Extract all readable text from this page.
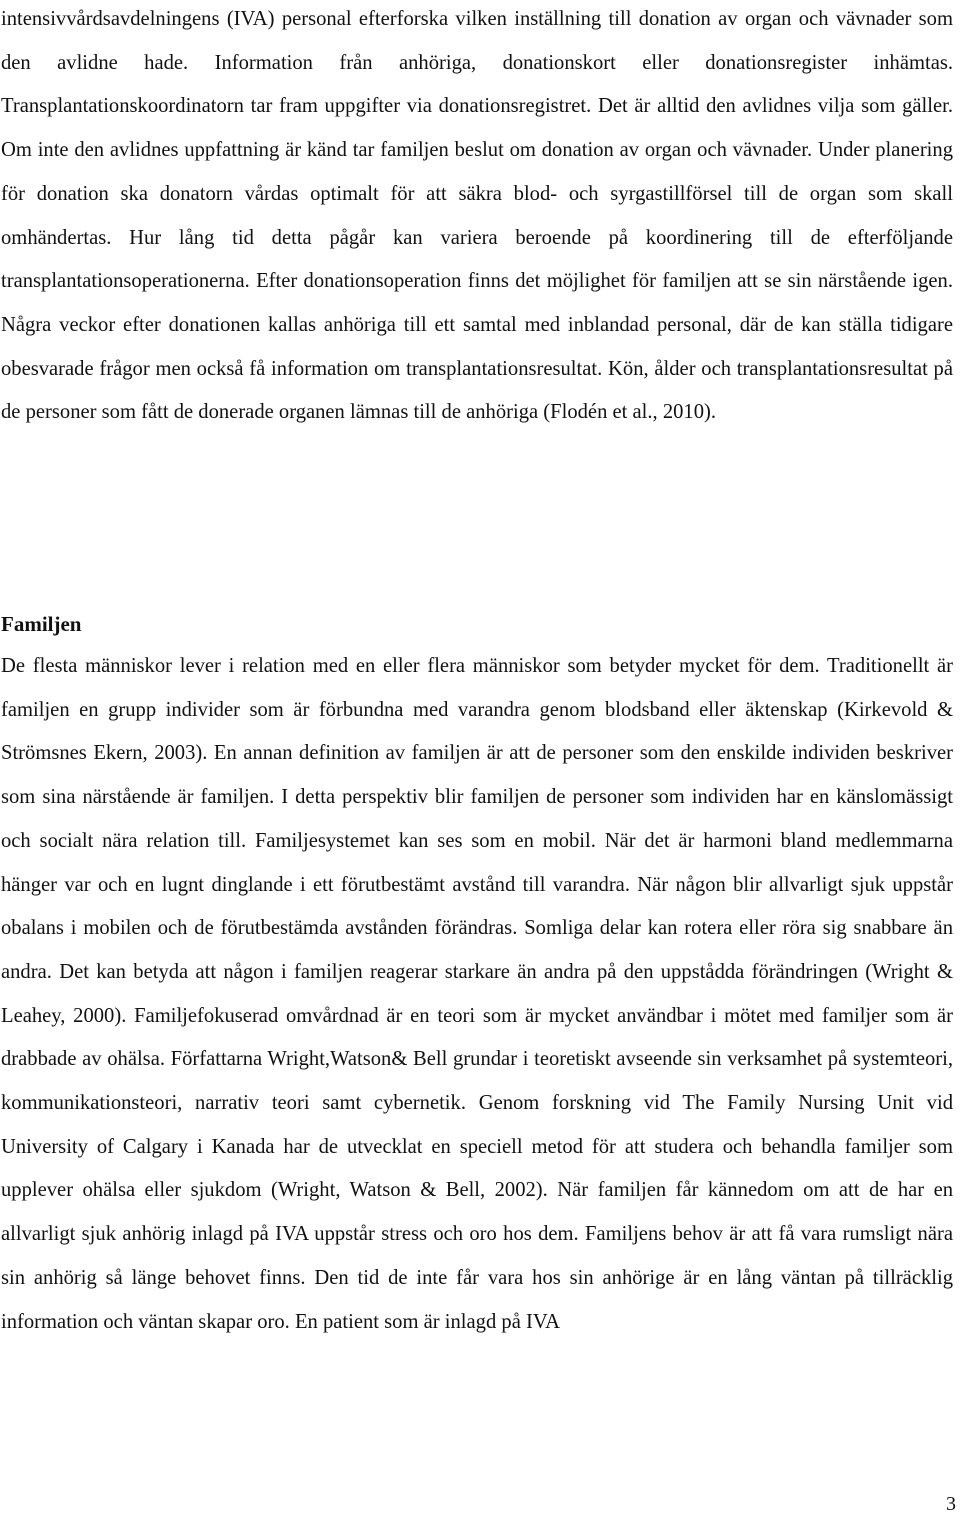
intensivvårdsavdelningens (IVA) personal efterforska vilken inställning till donation av organ och vävnader som den avlidne hade. Information från anhöriga, donationskort eller donationsregister inhämtas. Transplantationskoordinatorn tar fram uppgifter via donationsregistret. Det är alltid den avlidnes vilja som gäller. Om inte den avlidnes uppfattning är känd tar familjen beslut om donation av organ och vävnader. Under planering för donation ska donatorn vårdas optimalt för att säkra blod- och syrgastillförsel till de organ som skall omhändertas. Hur lång tid detta pågår kan variera beroende på koordinering till de efterföljande transplantationsoperationerna. Efter donationsoperation finns det möjlighet för familjen att se sin närstående igen. Några veckor efter donationen kallas anhöriga till ett samtal med inblandad personal, där de kan ställa tidigare obesvarade frågor men också få information om transplantationsresultat. Kön, ålder och transplantationsresultat på de personer som fått de donerade organen lämnas till de anhöriga (Flodén et al., 2010).

Familjen

De flesta människor lever i relation med en eller flera människor som betyder mycket för dem. Traditionellt är familjen en grupp individer som är förbundna med varandra genom blodsband eller äktenskap (Kirkevold & Strömsnes Ekern, 2003). En annan definition av familjen är att de personer som den enskilde individen beskriver som sina närstående är familjen. I detta perspektiv blir familjen de personer som individen har en känslomässigt och socialt nära relation till. Familjesystemet kan ses som en mobil. När det är harmoni bland medlemmarna hänger var och en lugnt dinglande i ett förutbestämt avstånd till varandra. När någon blir allvarligt sjuk uppstår obalans i mobilen och de förutbestämda avstånden förändras. Somliga delar kan rotera eller röra sig snabbare än andra. Det kan betyda att någon i familjen reagerar starkare än andra på den uppstådda förändringen (Wright & Leahey, 2000). Familjefokuserad omvårdnad är en teori som är mycket användbar i mötet med familjer som är drabbade av ohälsa. Författarna Wright,Watson& Bell grundar i teoretiskt avseende sin verksamhet på systemteori, kommunikationsteori, narrativ teori samt cybernetik. Genom forskning vid The Family Nursing Unit vid University of Calgary i Kanada har de utvecklat en speciell metod för att studera och behandla familjer som upplever ohälsa eller sjukdom (Wright, Watson & Bell, 2002). När familjen får kännedom om att de har en allvarligt sjuk anhörig inlagd på IVA uppstår stress och oro hos dem. Familjens behov är att få vara rumsligt nära sin anhörig så länge behovet finns. Den tid de inte får vara hos sin anhörige är en lång väntan på tillräcklig information och väntan skapar oro. En patient som är inlagd på IVA

3
